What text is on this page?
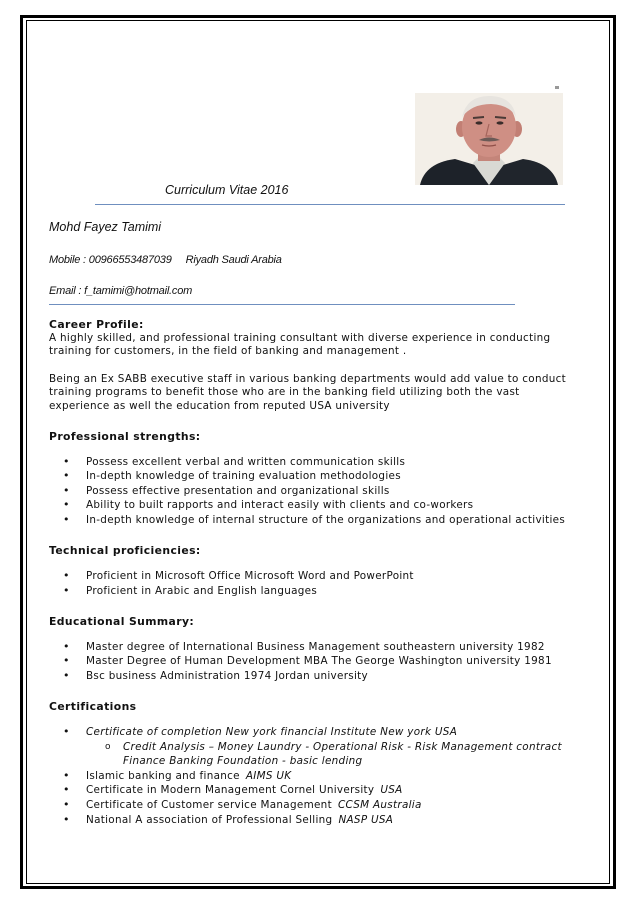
Curriculum Vitae 2016
Mohd Fayez Tamimi
Mobile : 00966553487039 Riyadh Saudi Arabia
Email : f_tamimi@hotmail.com
Career Profile:

A highly skilled, and professional training consultant with diverse experience in conducting training for customers, in the field of banking and management .

Being an Ex SABB executive staff in various banking departments would add value to conduct training programs to benefit those who are in the banking field utilizing both the vast experience as well the education from reputed USA university

Professional strengths:
• Possess excellent verbal and written communication skills
• In-depth knowledge of training evaluation methodologies
• Possess effective presentation and organizational skills
• Ability to built rapports and interact easily with clients and co-workers
• In-depth knowledge of internal structure of the organizations and operational activities
Technical proficiencies:
• Proficient in Microsoft Office Microsoft Word and PowerPoint
• Proficient in Arabic and English languages
Educational Summary:
• Master degree of International Business Management southeastern university 1982
• Master Degree of Human Development MBA The George Washington university 1981
• Bsc business Administration 1974 Jordan university
Certifications
• Certificate of completion New york financial Institute New york USA
o Credit Analysis – Money Laundry - Operational Risk - Risk Management contract Finance Banking Foundation - basic lending
• Islamic banking and finance AIMS UK
• Certificate in Modern Management Cornel University USA
• Certificate of Customer service Management CCSM Australia
• National A association of Professional Selling NASP USA
